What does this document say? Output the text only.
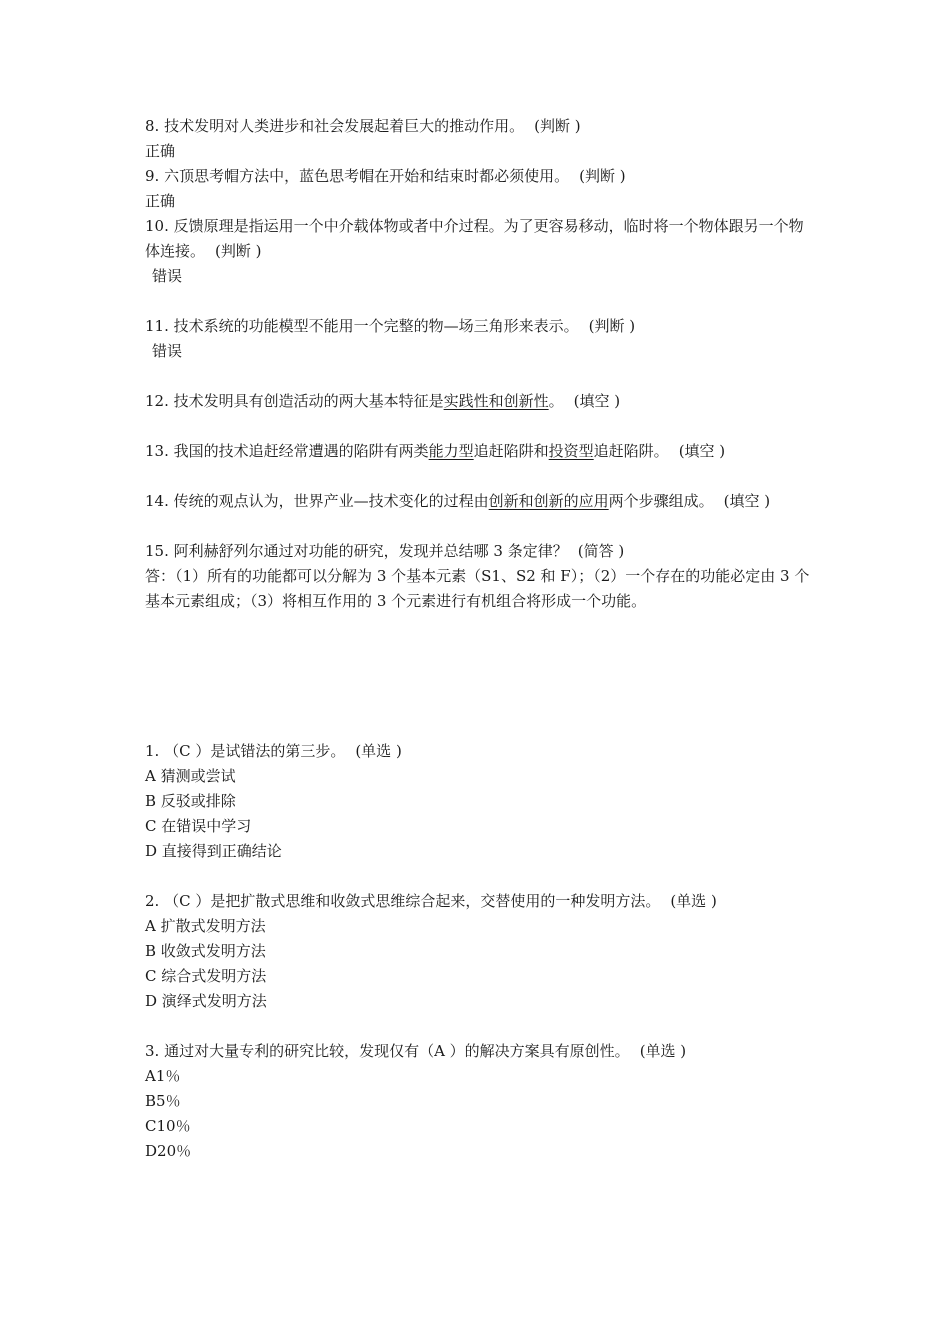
8. 技术发明对人类进步和社会发展起着巨大的推动作用。 (判断 )
正确
9. 六顶思考帽方法中，蓝色思考帽在开始和结束时都必须使用。 (判断 )
正确
10. 反馈原理是指运用一个中介载体物或者中介过程。为了更容易移动，临时将一个物体跟另一个物体连接。 (判断 )
错误
11. 技术系统的功能模型不能用一个完整的物—场三角形来表示。 (判断 )
错误
12. 技术发明具有创造活动的两大基本特征是实践性和创新性。 (填空 )
13. 我国的技术追赶经常遭遇的陷阱有两类能力型追赶陷阱和投资型追赶陷阱。 (填空 )
14. 传统的观点认为，世界产业—技术变化的过程由创新和创新的应用两个步骤组成。 (填空 )
15. 阿利赫舒列尔通过对功能的研究，发现并总结哪 3 条定律？ (简答 )
答：（1）所有的功能都可以分解为 3 个基本元素（S1、S2 和 F）；（2）一个存在的功能必定由 3 个基本元素组成；（3）将相互作用的 3 个元素进行有机组合将形成一个功能。
1. （C ）是试错法的第三步。 (单选 )
A 猜测或尝试
B 反驳或排除
C 在错误中学习
D 直接得到正确结论
2. （C ）是把扩散式思维和收敛式思维综合起来，交替使用的一种发明方法。 (单选 )
A 扩散式发明方法
B 收敛式发明方法
C 综合式发明方法
D 演绎式发明方法
3. 通过对大量专利的研究比较，发现仅有（A ）的解决方案具有原创性。 (单选 )
A1％
B5％
C10％
D20％
